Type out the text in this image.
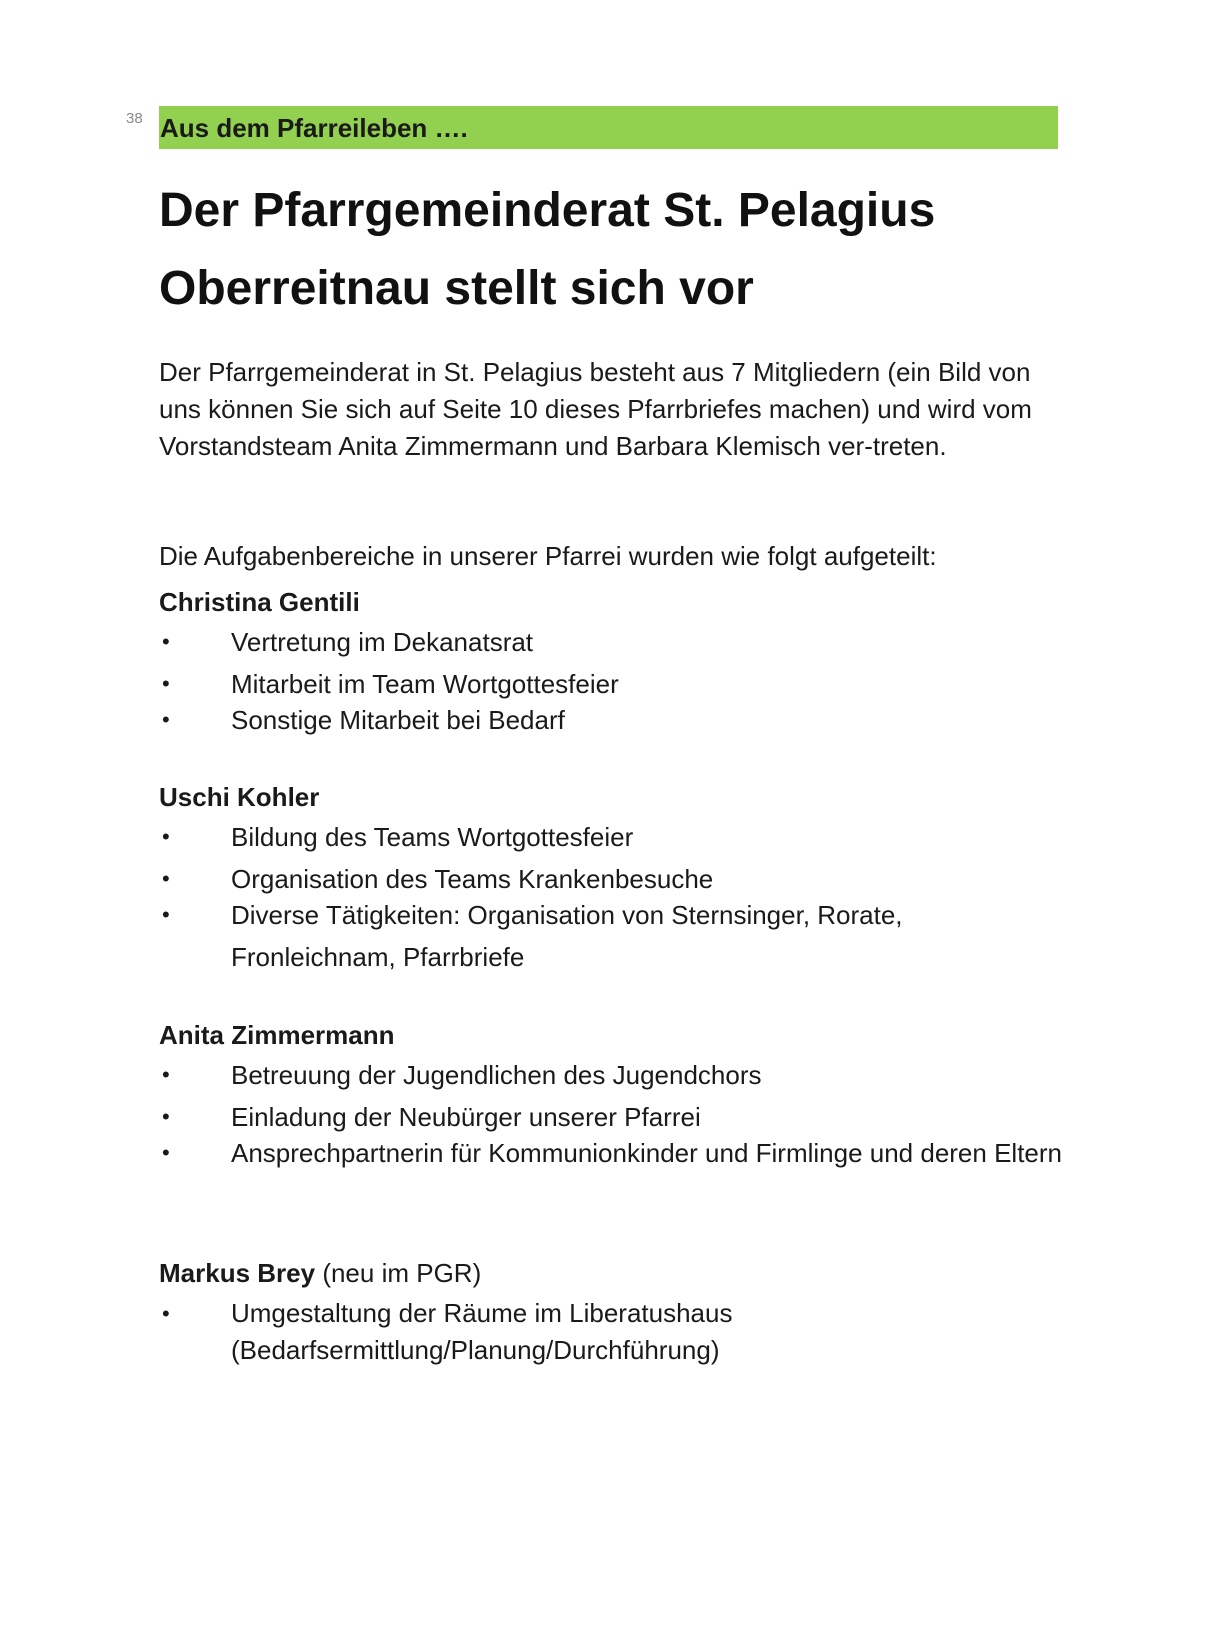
38 Aus dem Pfarreileben ….
Der Pfarrgemeinderat St. Pelagius
Oberreitnau stellt sich vor

Der Pfarrgemeinderat in St. Pelagius besteht aus 7 Mitgliedern (ein Bild von uns können Sie sich auf Seite 10 dieses Pfarrbriefes machen) und wird vom Vorstandsteam Anita Zimmermann und Barbara Klemisch ver-treten.

Die Aufgabenbereiche in unserer Pfarrei wurden wie folgt aufgeteilt:

Christina Gentili

• Vertretung im Dekanatsrat
• Mitarbeit im Team Wortgottesfeier
• Sonstige Mitarbeit bei Bedarf

Uschi Kohler

• Bildung des Teams Wortgottesfeier
• Organisation des Teams Krankenbesuche
• Diverse Tätigkeiten: Organisation von Sternsinger, Rorate, Fronleichnam, Pfarrbriefe

Anita Zimmermann

• Betreuung der Jugendlichen des Jugendchors
• Einladung der Neubürger unserer Pfarrei
• Ansprechpartnerin für Kommunionkinder und Firmlinge und deren Eltern

Markus Brey (neu im PGR)

• Umgestaltung der Räume im Liberatushaus (Bedarfsermittlung/Planung/Durchführung)
